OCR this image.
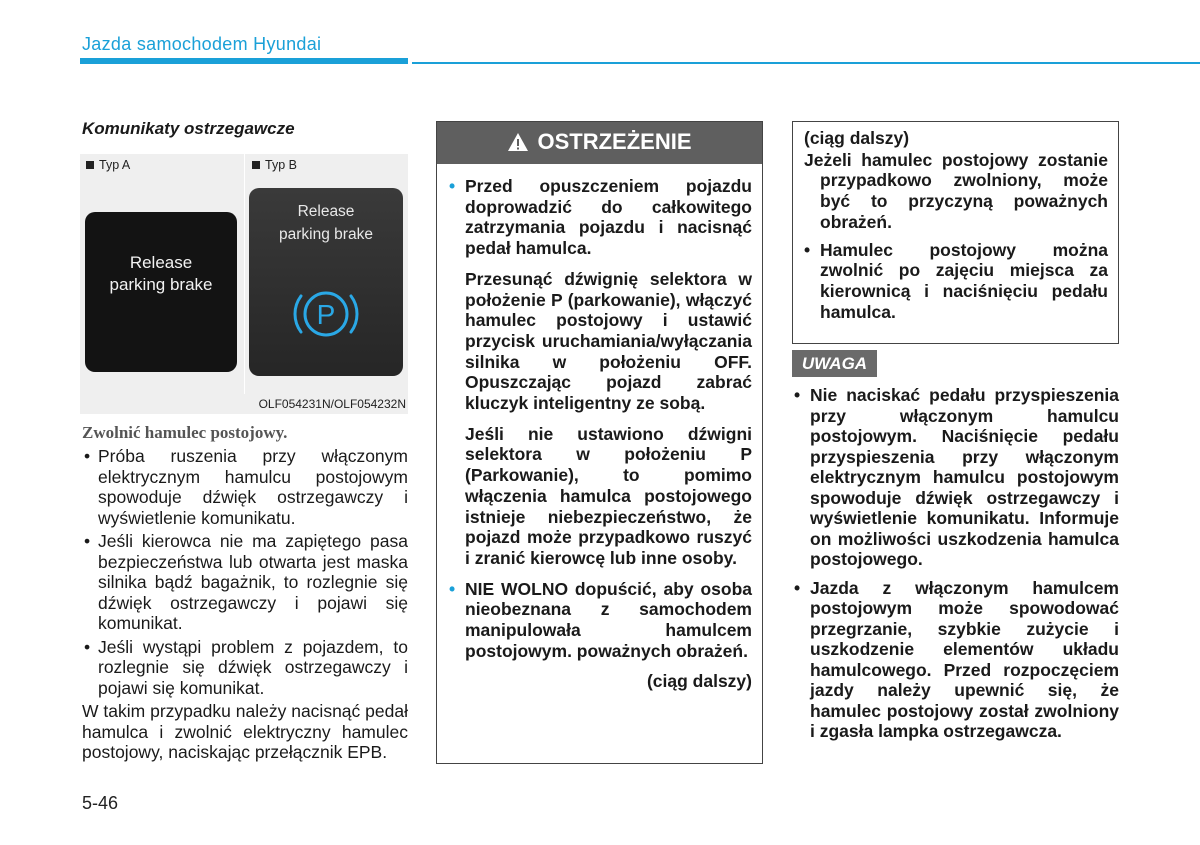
Jazda samochodem Hyundai
Komunikaty ostrzegawcze
Typ A	Typ B
Release
parking brake
Release
parking brake
P
OLF054231N/OLF054232N
Zwolnić hamulec postojowy.
• Próba ruszenia przy włączonym elektrycznym hamulcu postojowym spowoduje dźwięk ostrzegawczy i wyświetlenie komunikatu.
• Jeśli kierowca nie ma zapiętego pasa bezpieczeństwa lub otwarta jest maska silnika bądź bagażnik, to rozlegnie się dźwięk ostrzegawczy i pojawi się komunikat.
• Jeśli wystąpi problem z pojazdem, to rozlegnie się dźwięk ostrzegawczy i pojawi się komunikat.
W takim przypadku należy nacisnąć pedał hamulca i zwolnić elektryczny hamulec postojowy, naciskając przełącznik EPB.
5-46
OSTRZEŻENIE
• Przed opuszczeniem pojazdu doprowadzić do całkowitego zatrzymania pojazdu i nacisnąć pedał hamulca.
Przesunąć dźwignię selektora w położenie P (parkowanie), włączyć hamulec postojowy i ustawić przycisk uruchamiania/wyłączania silnika w położeniu OFF. Opuszczając pojazd zabrać kluczyk inteligentny ze sobą.
Jeśli nie ustawiono dźwigni selektora w położeniu P (Parkowanie), to pomimo włączenia hamulca postojowego istnieje niebezpieczeństwo, że pojazd może przypadkowo ruszyć i zranić kierowcę lub inne osoby.
• NIE WOLNO dopuścić, aby osoba nieobeznana z samochodem manipulowała hamulcem postojowym. poważnych obrażeń.
(ciąg dalszy)
(ciąg dalszy)
Jeżeli hamulec postojowy zostanie przypadkowo zwolniony, może być to przyczyną poważnych obrażeń.
• Hamulec postojowy można zwolnić po zajęciu miejsca za kierownicą i naciśnięciu pedału hamulca.
UWAGA
• Nie naciskać pedału przyspieszenia przy włączonym hamulcu postojowym. Naciśnięcie pedału przyspieszenia przy włączonym elektrycznym hamulcu postojowym spowoduje dźwięk ostrzegawczy i wyświetlenie komunikatu. Informuje on możliwości uszkodzenia hamulca postojowego.
• Jazda z włączonym hamulcem postojowym może spowodować przegrzanie, szybkie zużycie i uszkodzenie elementów układu hamulcowego. Przed rozpoczęciem jazdy należy upewnić się, że hamulec postojowy został zwolniony i zgasła lampka ostrzegawcza.
